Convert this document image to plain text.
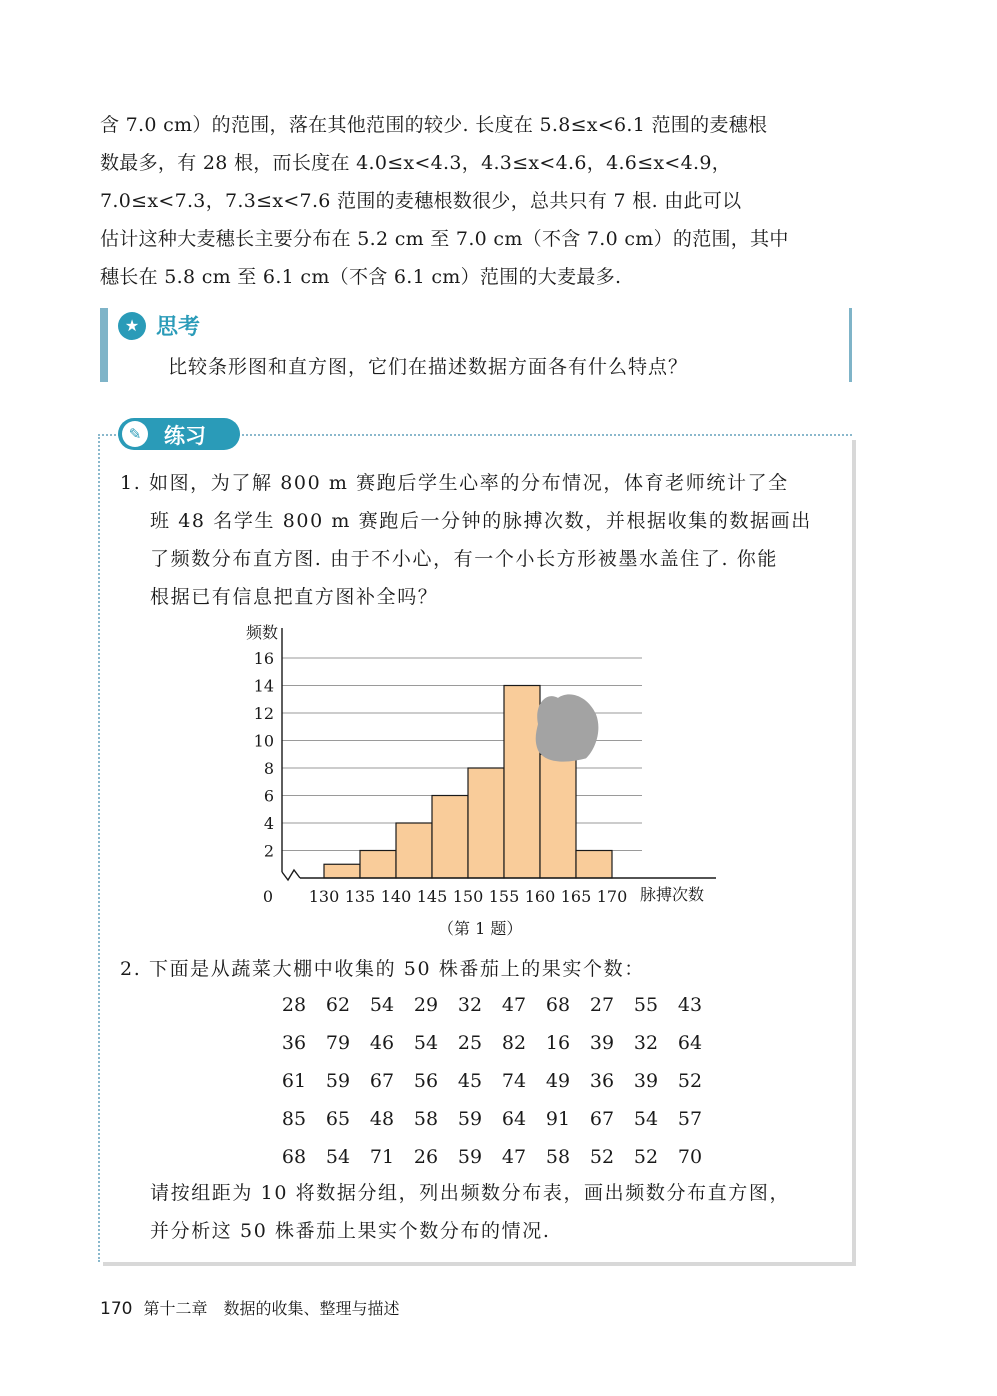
含 7.0 cm）的范围，落在其他范围的较少. 长度在 5.8≤x<6.1 范围的麦穗根
数最多，有 28 根，而长度在 4.0≤x<4.3，4.3≤x<4.6，4.6≤x<4.9，
7.0≤x<7.3，7.3≤x<7.6 范围的麦穗根数很少，总共只有 7 根. 由此可以
估计这种大麦穗长主要分布在 5.2 cm 至 7.0 cm（不含 7.0 cm）的范围，其中
穗长在 5.8 cm 至 6.1 cm（不含 6.1 cm）范围的大麦最多.
★ 思考
比较条形图和直方图，它们在描述数据方面各有什么特点？
✎	练习
1. 如图，为了解 800 m 赛跑后学生心率的分布情况，体育老师统计了全
班 48 名学生 800 m 赛跑后一分钟的脉搏次数，并根据收集的数据画出
了频数分布直方图. 由于不小心，有一个小长方形被墨水盖住了. 你能
根据已有信息把直方图补全吗？
2
4
6
8
10
12
14
16
频数
0 130 135 140 145 150 155 160 165 170 脉搏次数
（第 1 题）
2. 下面是从蔬菜大棚中收集的 50 株番茄上的果实个数：
28	62	54	29	32	47	68	27	55	43
36	79	46	54	25	82	16	39	32	64
61	59	67	56	45	74	49	36	39	52
85	65	48	58	59	64	91	67	54	57
68	54	71	26	59	47	58	52	52	70
请按组距为 10 将数据分组，列出频数分布表，画出频数分布直方图，
并分析这 50 株番茄上果实个数分布的情况.
170 第十二章　数据的收集、整理与描述
